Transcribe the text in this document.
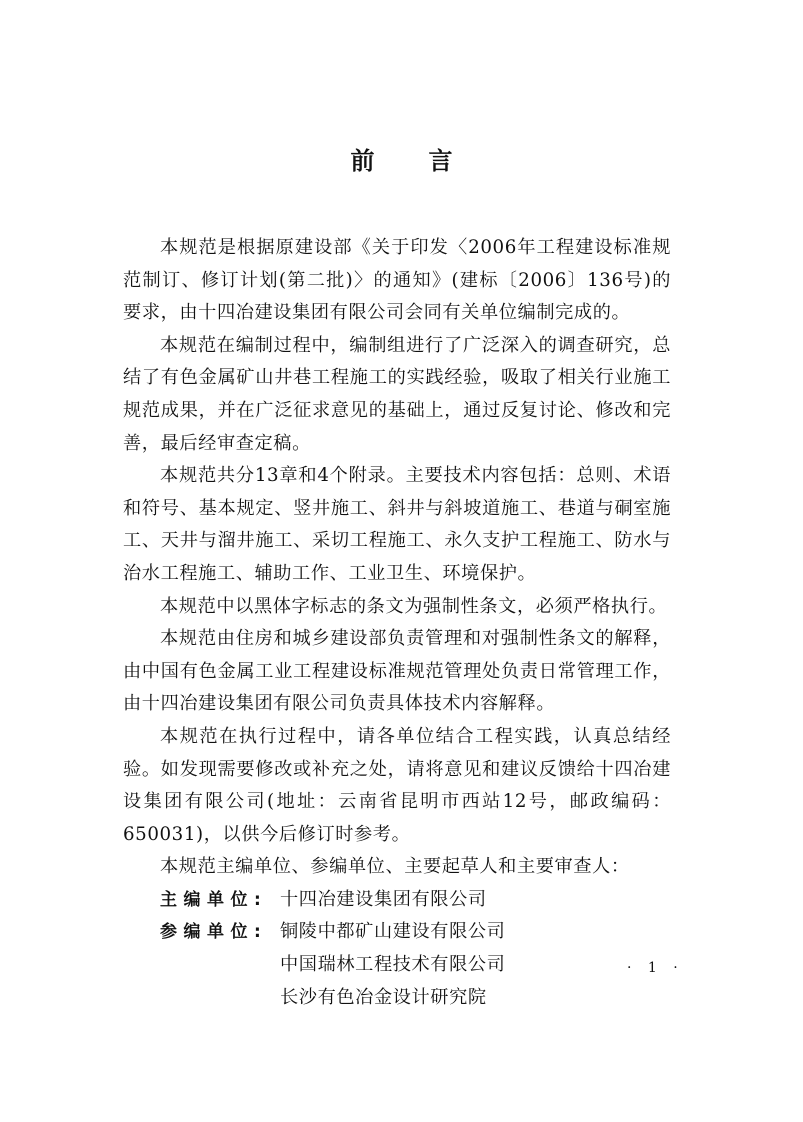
前言

本规范是根据原建设部《关于印发〈2006年工程建设标准规范制订、修订计划(第二批)〉的通知》(建标〔2006〕136号)的要求，由十四冶建设集团有限公司会同有关单位编制完成的。

本规范在编制过程中，编制组进行了广泛深入的调查研究，总结了有色金属矿山井巷工程施工的实践经验，吸取了相关行业施工规范成果，并在广泛征求意见的基础上，通过反复讨论、修改和完善，最后经审查定稿。

本规范共分13章和4个附录。主要技术内容包括：总则、术语和符号、基本规定、竖井施工、斜井与斜坡道施工、巷道与硐室施工、天井与溜井施工、采切工程施工、永久支护工程施工、防水与治水工程施工、辅助工作、工业卫生、环境保护。

本规范中以黑体字标志的条文为强制性条文，必须严格执行。

本规范由住房和城乡建设部负责管理和对强制性条文的解释，由中国有色金属工业工程建设标准规范管理处负责日常管理工作，由十四冶建设集团有限公司负责具体技术内容解释。

本规范在执行过程中，请各单位结合工程实践，认真总结经验。如发现需要修改或补充之处，请将意见和建议反馈给十四冶建设集团有限公司(地址：云南省昆明市西站12号，邮政编码：650031)，以供今后修订时参考。

本规范主编单位、参编单位、主要起草人和主要审查人：

主编单位: 十四冶建设集团有限公司
参编单位: 铜陵中都矿山建设有限公司
中国瑞林工程技术有限公司
长沙有色冶金设计研究院
· 1 ·
